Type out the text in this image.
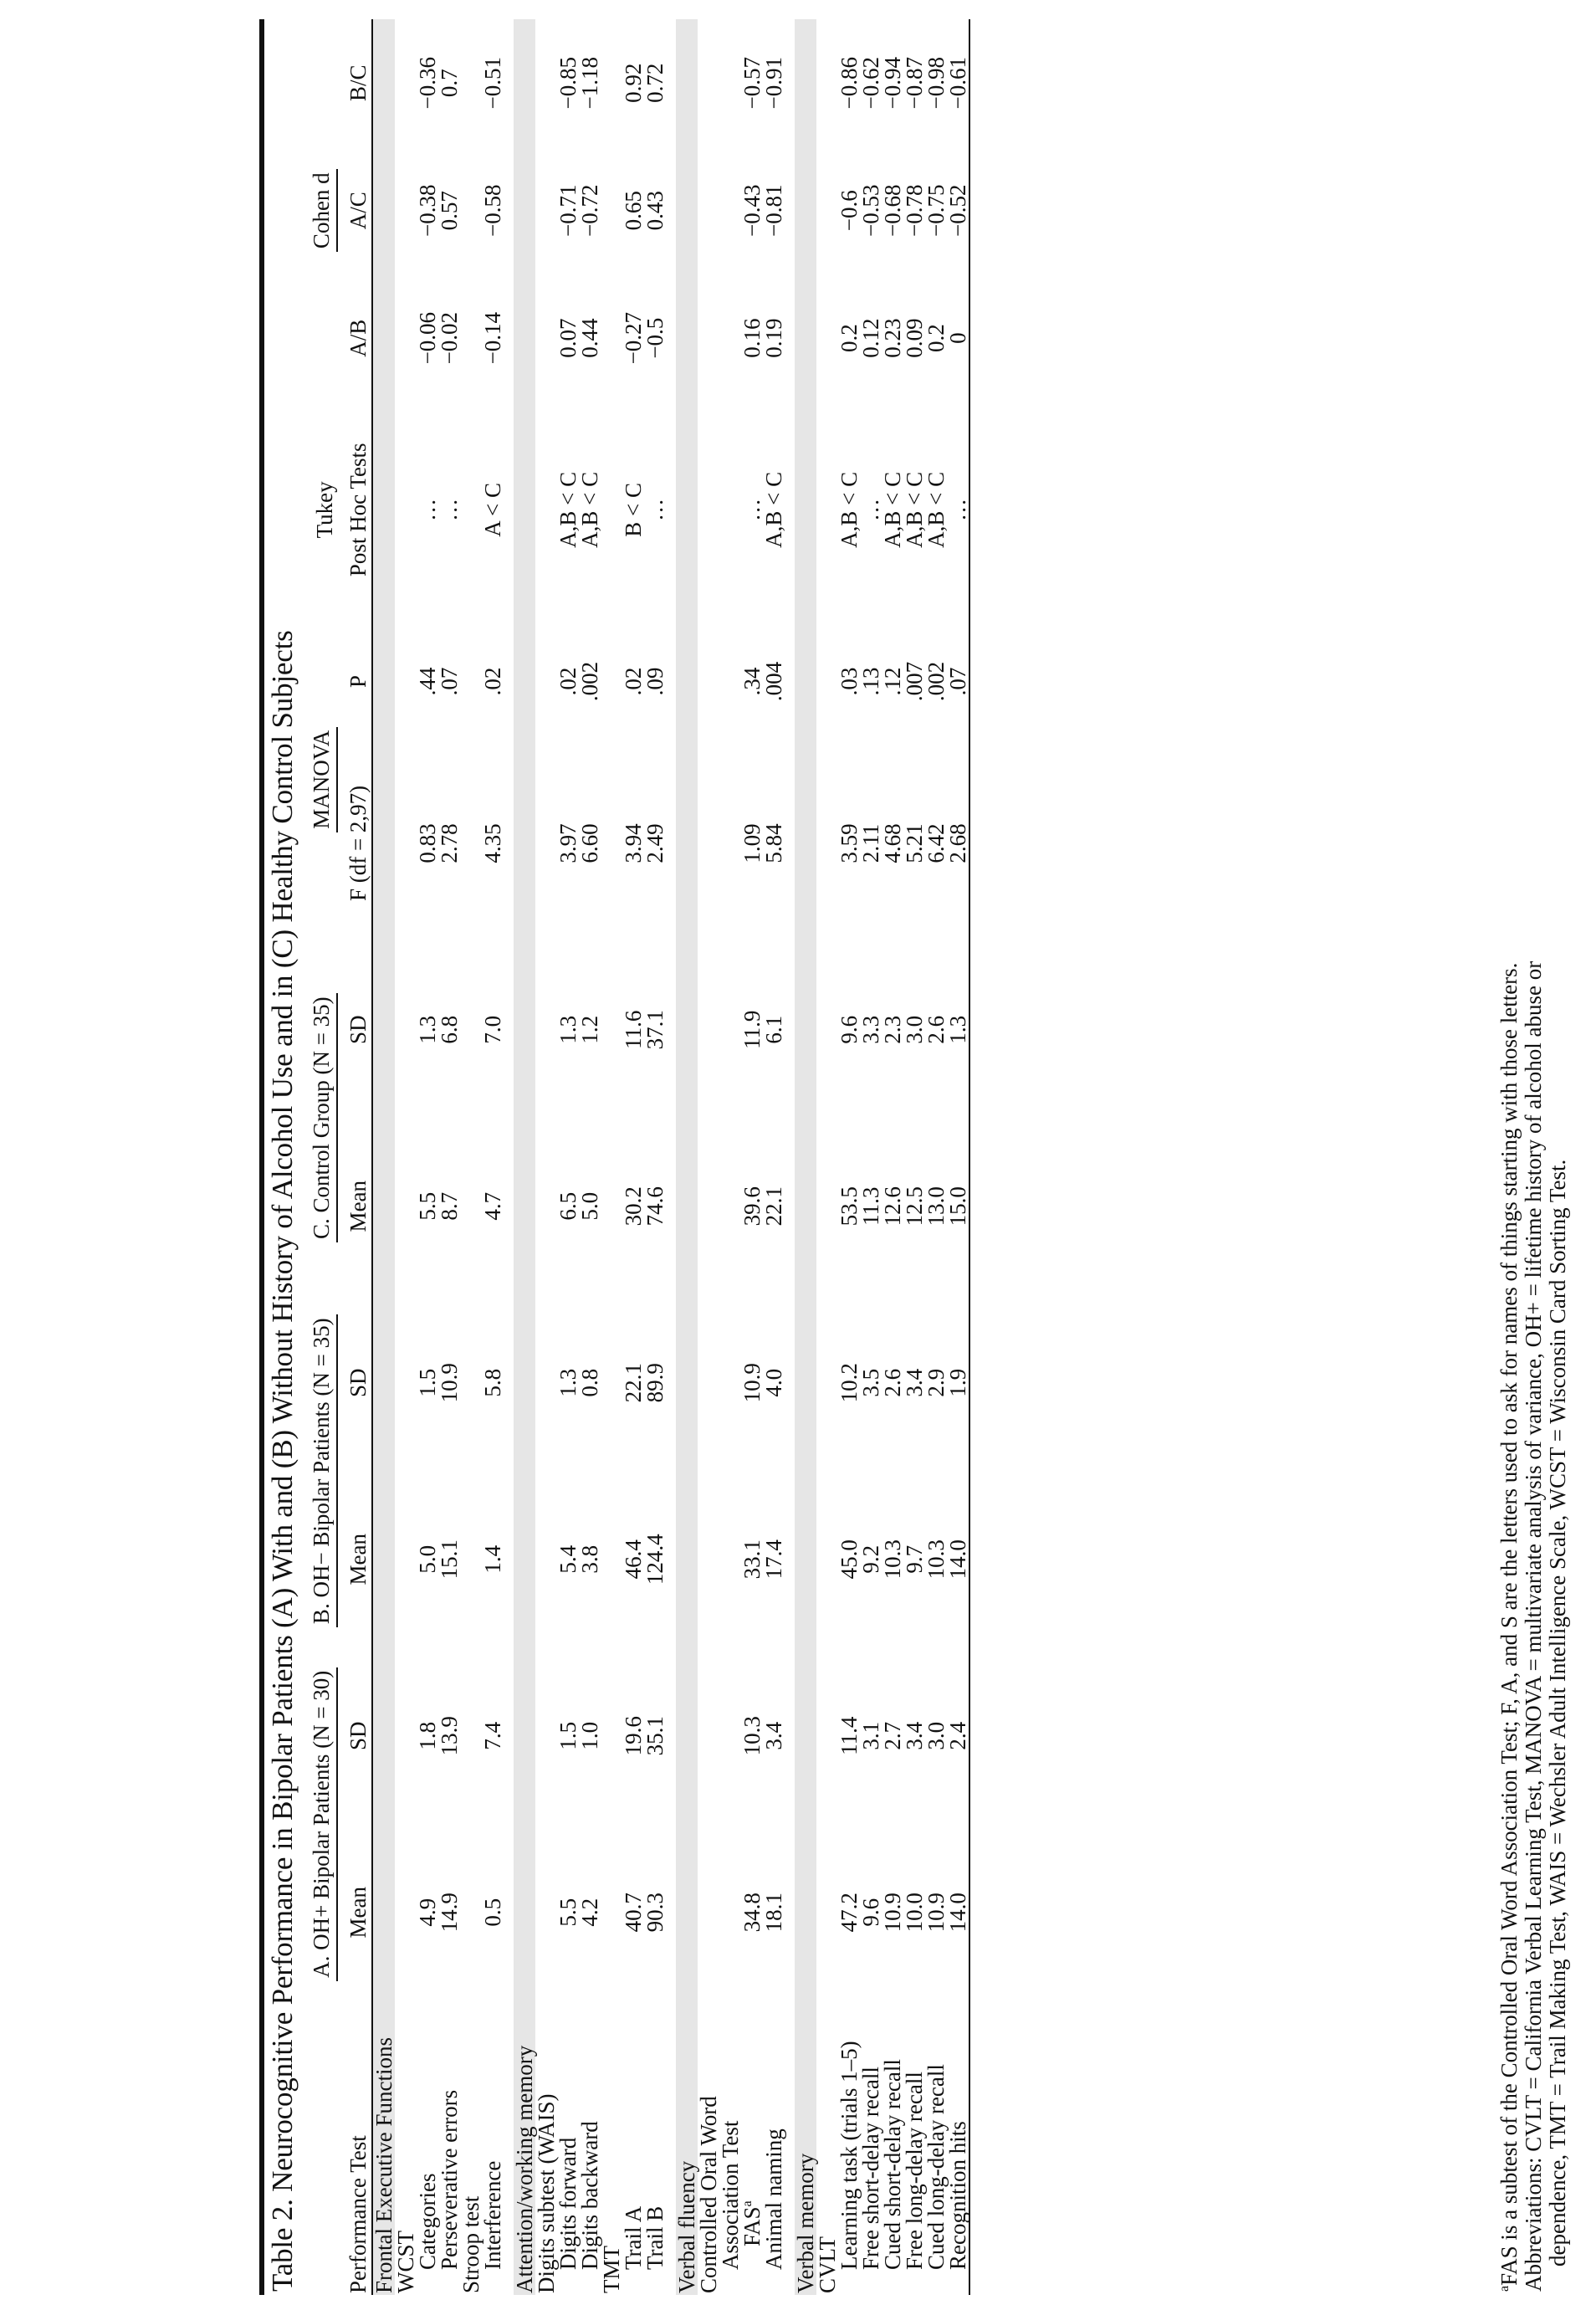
Table 2. Neurocognitive Performance in Bipolar Patients (A) With and (B) Without History of Alcohol Use and in (C) Healthy Control Subjects
	A. OH+ Bipolar Patients (N = 30)		B. OH− Bipolar Patients (N = 35)		C. Control Group (N = 35)		MANOVA		Tukey	Cohen d		
Performance Test	Mean	SD	Mean	SD	Mean	SD	F (df = 2,97)	P	Post Hoc Tests	A/B	A/C	B/C
Frontal Executive Functions												
WCST												
Categories	4.9	1.8	5.0	1.5	5.5	1.3	0.83	.44	…	−0.06	−0.38	−0.36
Perseverative errors	14.9	13.9	15.1	10.9	8.7	6.8	2.78	.07	…	−0.02	0.57	0.7
Stroop test												
Interference	0.5	7.4	1.4	5.8	4.7	7.0	4.35	.02	A < C	−0.14	−0.58	−0.51

Attention/working memory												
Digits subtest (WAIS)												
Digits forward	5.5	1.5	5.4	1.3	6.5	1.3	3.97	.02	A,B < C	0.07	−0.71	−0.85
Digits backward	4.2	1.0	3.8	0.8	5.0	1.2	6.60	.002	A,B < C	0.44	−0.72	−1.18
TMT												
Trail A	40.7	19.6	46.4	22.1	30.2	11.6	3.94	.02	B < C	−0.27	0.65	0.92
Trail B	90.3	35.1	124.4	89.9	74.6	37.1	2.49	.09	…	−0.5	0.43	0.72

Verbal fluency												
Controlled Oral Word												
Association Test												
FAS$^a$	34.8	10.3	33.1	10.9	39.6	11.9	1.09	.34	…	0.16	−0.43	−0.57
Animal naming	18.1	3.4	17.4	4.0	22.1	6.1	5.84	.004	A,B < C	0.19	−0.81	−0.91

Verbal memory												
CVLT												
Learning task (trials 1–5)	47.2	11.4	45.0	10.2	53.5	9.6	3.59	.03	A,B < C	0.2	−0.6	−0.86
Free short-delay recall	9.6	3.1	9.2	3.5	11.3	3.3	2.11	.13	…	0.12	−0.53	−0.62
Cued short-delay recall	10.9	2.7	10.3	2.6	12.6	2.3	4.68	.12	A,B < C	0.23	−0.68	−0.94
Free long-delay recall	10.0	3.4	9.7	3.4	12.5	3.0	5.21	.007	A,B < C	0.09	−0.78	−0.87
Cued long-delay recall	10.9	3.0	10.3	2.9	13.0	2.6	6.42	.002	A,B < C	0.2	−0.75	−0.98
Recognition hits	14.0	2.4	14.0	1.9	15.0	1.3	2.68	.07	…	0	−0.52	−0.61

$^a$FAS is a subtest of the Controlled Oral Word Association Test; F, A, and S are the letters used to ask for names of things starting with those letters. Abbreviations: CVLT = California Verbal Learning Test, MANOVA = multivariate analysis of variance, OH+ = lifetime history of alcohol abuse or dependence, TMT = Trail Making Test, WAIS = Wechsler Adult Intelligence Scale, WCST = Wisconsin Card Sorting Test.
